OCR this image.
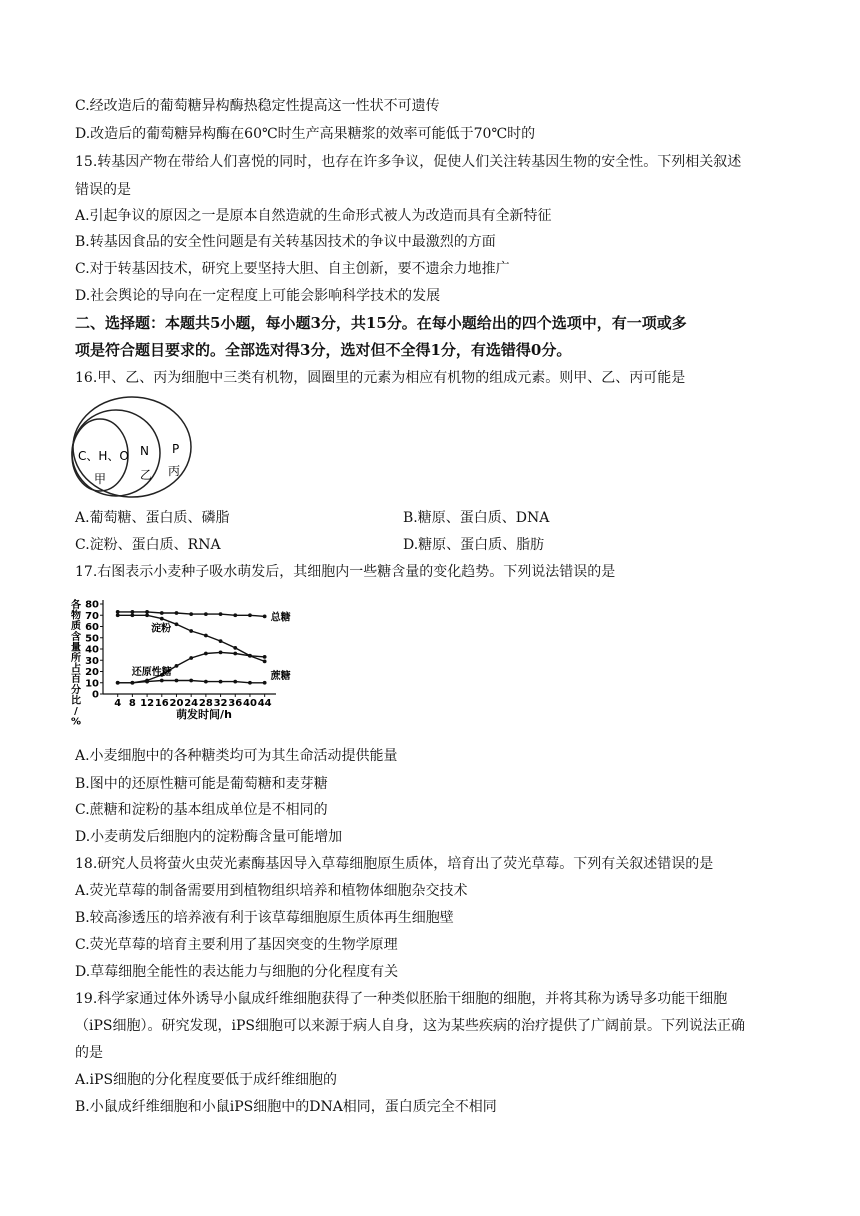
C.经改造后的葡萄糖异构酶热稳定性提高这一性状不可遗传
D.改造后的葡萄糖异构酶在60℃时生产高果糖浆的效率可能低于70℃时的
15.转基因产物在带给人们喜悦的同时，也存在许多争议，促使人们关注转基因生物的安全性。下列相关叙述
错误的是
A.引起争议的原因之一是原本自然造就的生命形式被人为改造而具有全新特征
B.转基因食品的安全性问题是有关转基因技术的争议中最激烈的方面
C.对于转基因技术，研究上要坚持大胆、自主创新，要不遗余力地推广
D.社会舆论的导向在一定程度上可能会影响科学技术的发展
二、选择题：本题共5小题，每小题3分，共15分。在每小题给出的四个选项中，有一项或多
项是符合题目要求的。全部选对得3分，选对但不全得1分，有选错得0分。
16.甲、乙、丙为细胞中三类有机物，圆圈里的元素为相应有机物的组成元素。则甲、乙、丙可能是
C、H、O
甲
N
乙
P
丙
A.葡萄糖、蛋白质、磷脂	B.糖原、蛋白质、DNA
C.淀粉、蛋白质、RNA	D.糖原、蛋白质、脂肪
17.右图表示小麦种子吸水萌发后，其细胞内一些糖含量的变化趋势。下列说法错误的是
各
物
质
含
量
所
占
百
分
比
/
%
0
10
20
30
40
50
60
70
80
4 8 12 16 20 24 28 32 36 40 44
总糖
淀粉
还原性糖	蔗糖
萌发时间/h
A.小麦细胞中的各种糖类均可为其生命活动提供能量
B.图中的还原性糖可能是葡萄糖和麦芽糖
C.蔗糖和淀粉的基本组成单位是不相同的
D.小麦萌发后细胞内的淀粉酶含量可能增加
18.研究人员将萤火虫荧光素酶基因导入草莓细胞原生质体，培育出了荧光草莓。下列有关叙述错误的是
A.荧光草莓的制备需要用到植物组织培养和植物体细胞杂交技术
B.较高渗透压的培养液有利于该草莓细胞原生质体再生细胞壁
C.荧光草莓的培育主要利用了基因突变的生物学原理
D.草莓细胞全能性的表达能力与细胞的分化程度有关
19.科学家通过体外诱导小鼠成纤维细胞获得了一种类似胚胎干细胞的细胞，并将其称为诱导多功能干细胞
（iPS细胞）。研究发现，iPS细胞可以来源于病人自身，这为某些疾病的治疗提供了广阔前景。下列说法正确
的是
A.iPS细胞的分化程度要低于成纤维细胞的
B.小鼠成纤维细胞和小鼠iPS细胞中的DNA相同，蛋白质完全不相同
